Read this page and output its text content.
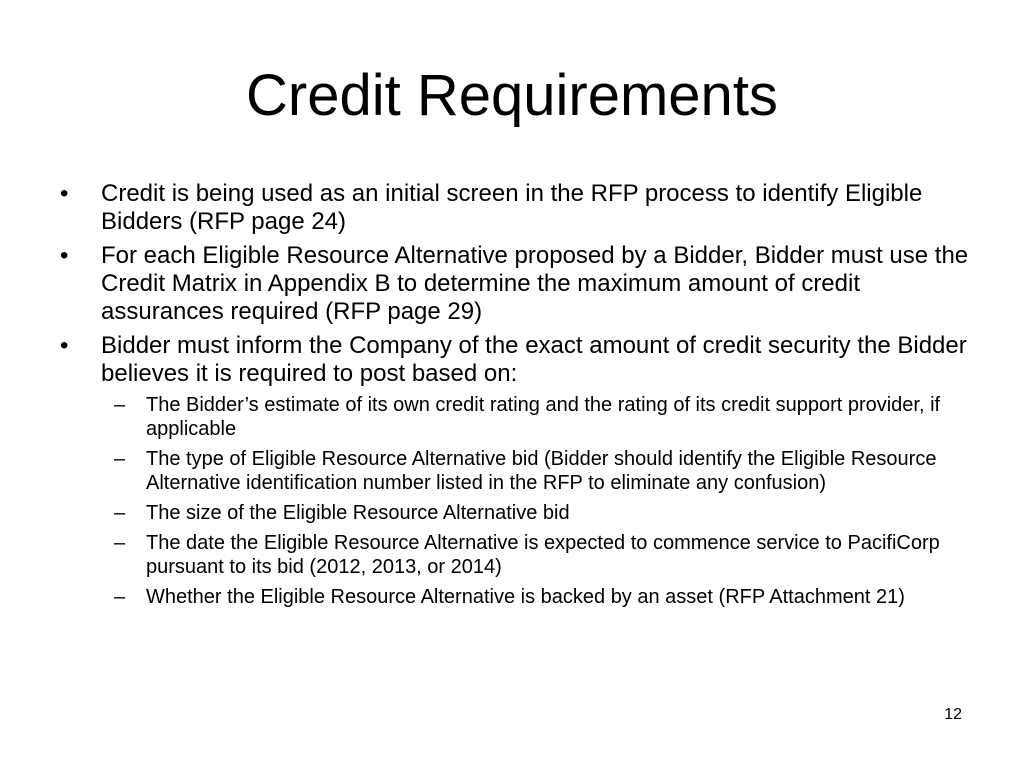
Credit Requirements
• Credit is being used as an initial screen in the RFP process to identify Eligible Bidders (RFP page 24)
• For each Eligible Resource Alternative proposed by a Bidder, Bidder must use the Credit Matrix in Appendix B to determine the maximum amount of credit assurances required (RFP page 29)
• Bidder must inform the Company of the exact amount of credit security the Bidder believes it is required to post based on:
– The Bidder’s estimate of its own credit rating and the rating of its credit support provider, if applicable
– The type of Eligible Resource Alternative bid (Bidder should identify the Eligible Resource Alternative identification number listed in the RFP to eliminate any confusion)
– The size of the Eligible Resource Alternative bid
– The date the Eligible Resource Alternative is expected to commence service to PacifiCorp pursuant to its bid (2012, 2013, or 2014)
– Whether the Eligible Resource Alternative is backed by an asset (RFP Attachment 21)
12
